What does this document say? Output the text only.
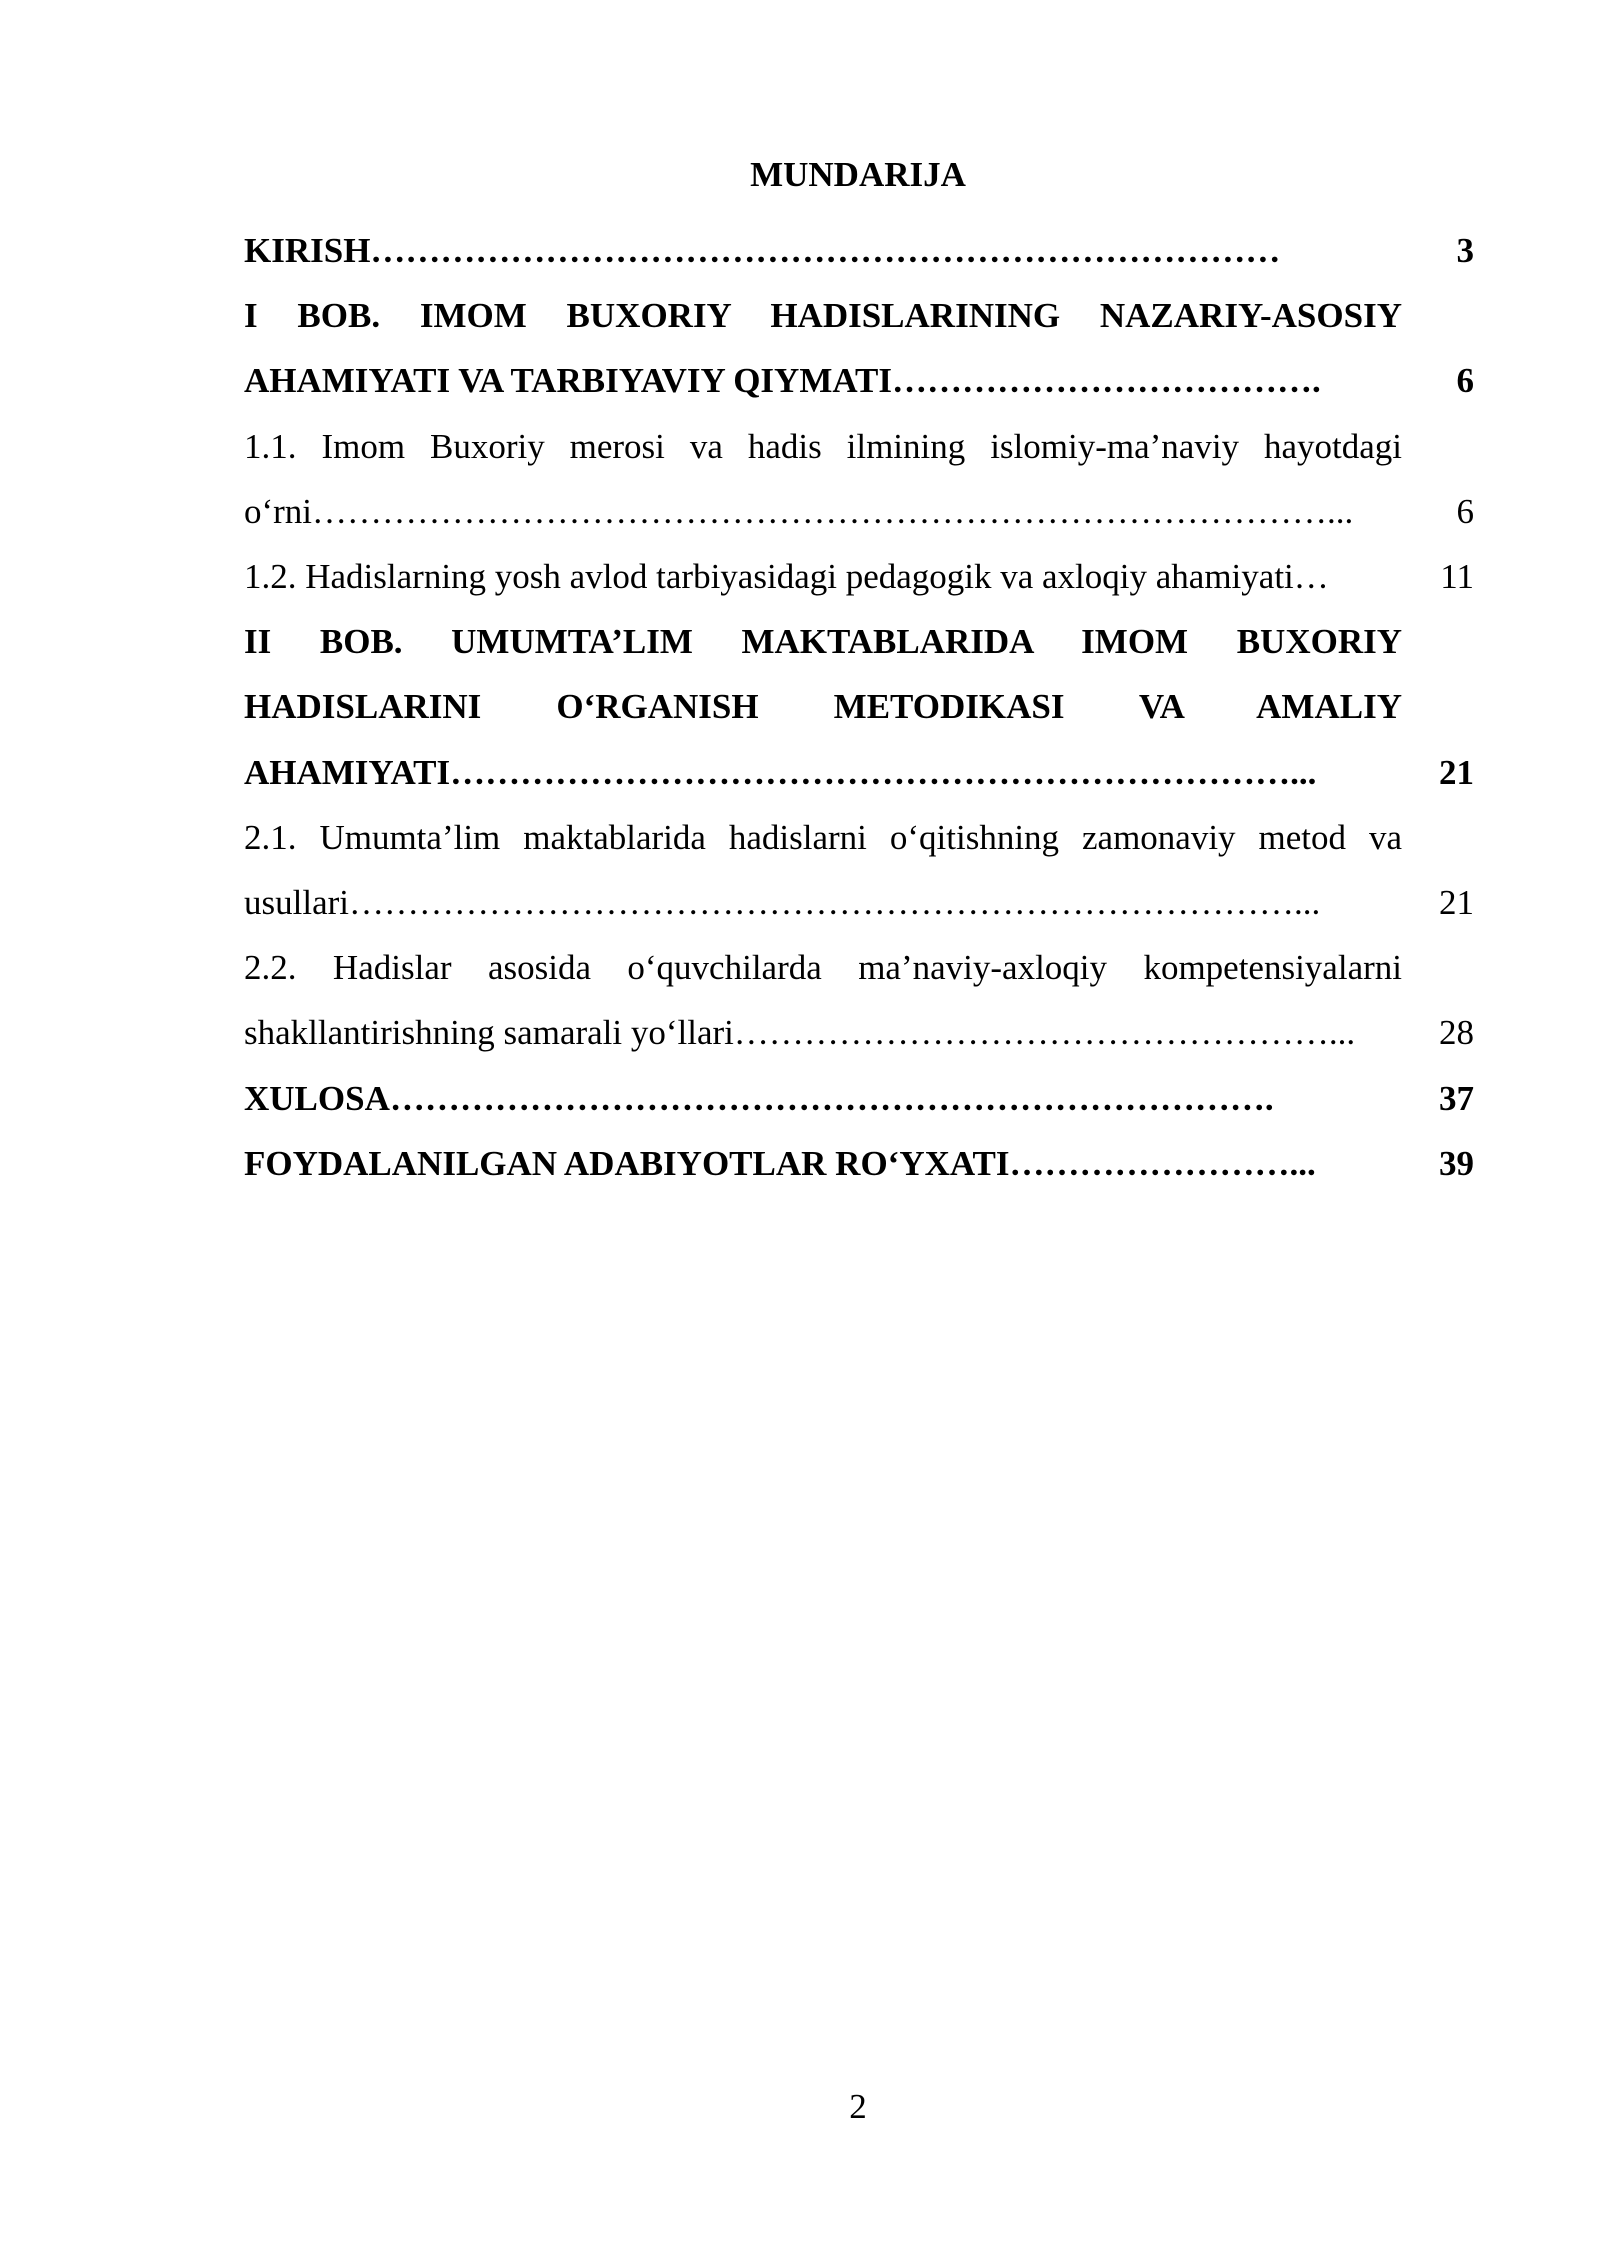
MUNDARIJA
KIRISH……………………………………………………………………	3
I BOB. IMOM BUXORIY HADISLARINING NAZARIY-ASOSIY AHAMIYATI VA TARBIYAVIY QIYMATI……………………………….	6
1.1. Imom Buxoriy merosi va hadis ilmining islomiy-ma’naviy hayotdagi o‘rni……………………………………………………………………………...	6
1.2. Hadislarning yosh avlod tarbiyasidagi pedagogik va axloqiy ahamiyati…	11
II BOB. UMUMTA’LIM MAKTABLARIDA IMOM BUXORIY HADISLARINI O‘RGANISH METODIKASI VA AMALIY AHAMIYATI………………………………………………………………...	21
2.1. Umumta’lim maktablarida hadislarni o‘qitishning zamonaviy metod va usullari………………………………………………………………………...	21
2.2. Hadislar asosida o‘quvchilarda ma’naviy-axloqiy kompetensiyalarni shakllantirishning samarali yo‘llari……………………………………………...	28
XULOSA………………………………………………………………….	37
FOYDALANILGAN ADABIYOTLAR RO‘YXATI……………………...	39
2
